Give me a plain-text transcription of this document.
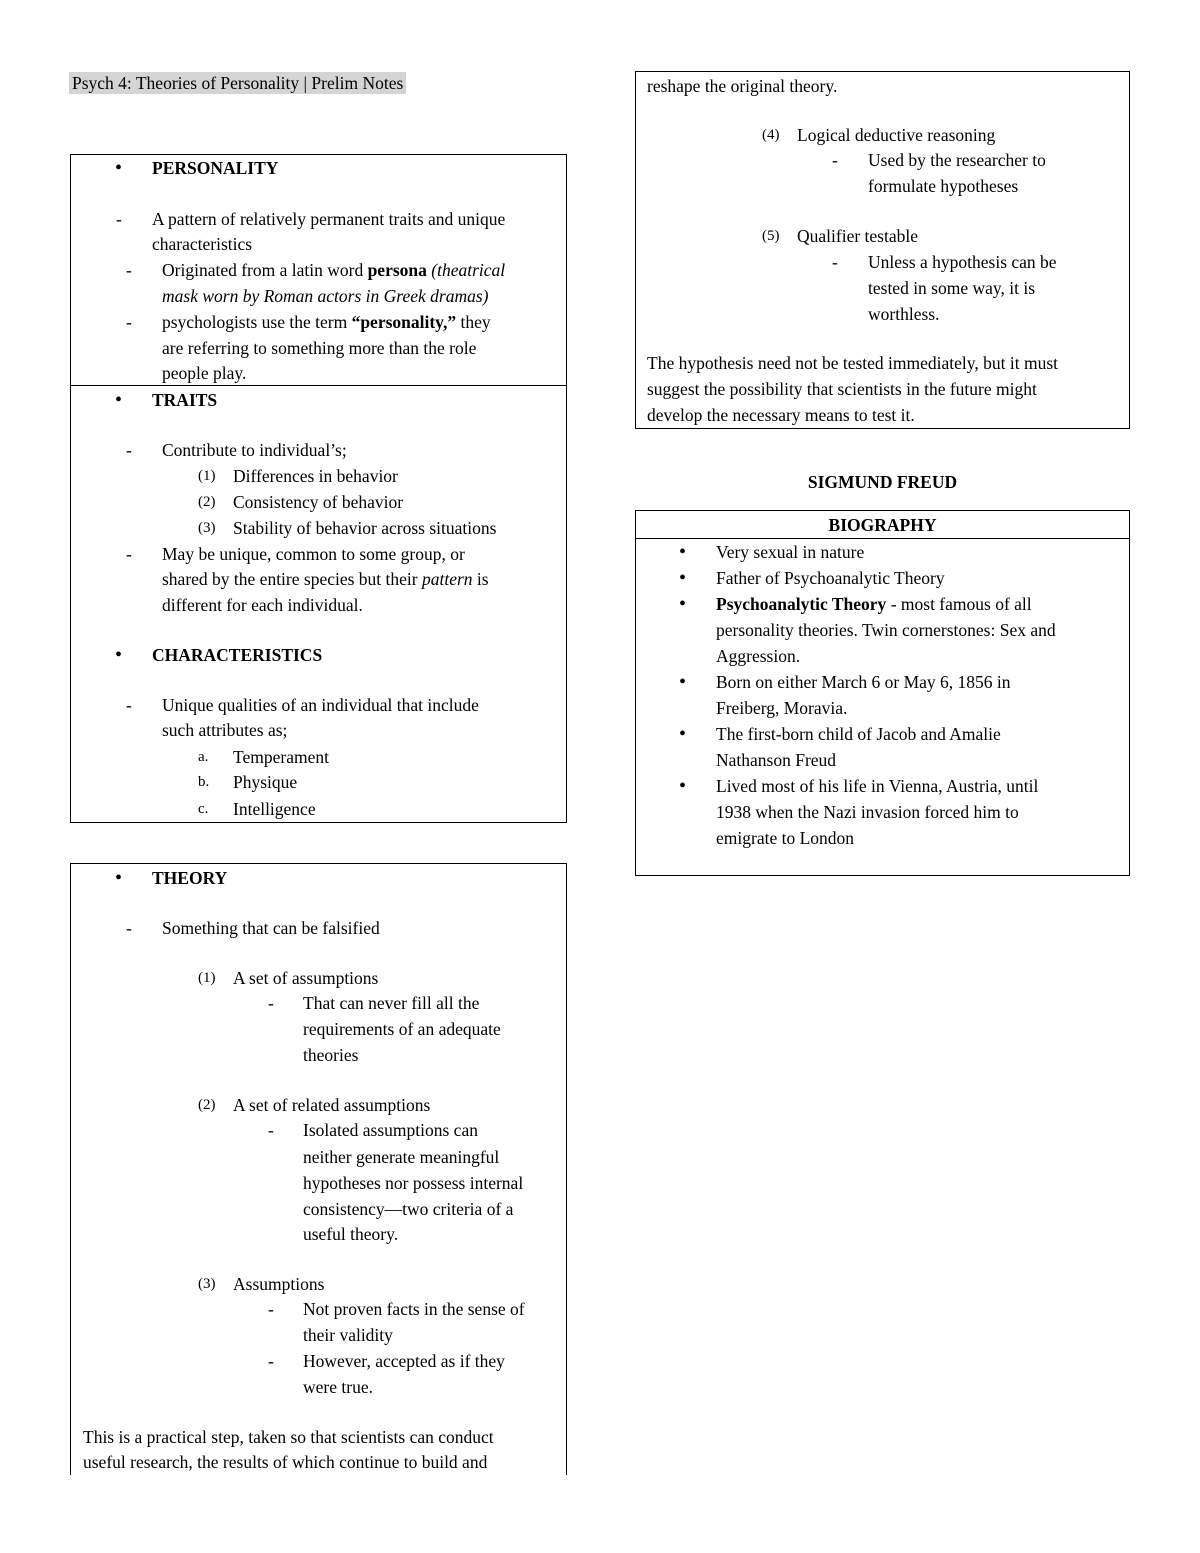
Psych 4: Theories of Personality | Prelim Notes
• PERSONALITY
- A pattern of relatively permanent traits and unique
characteristics
- Originated from a latin word persona (theatrical
mask worn by Roman actors in Greek dramas)
- psychologists use the term “personality,” they
are referring to something more than the role
people play.
• TRAITS
- Contribute to individual’s;
(1) Differences in behavior
(2) Consistency of behavior
(3) Stability of behavior across situations
- May be unique, common to some group, or
shared by the entire species but their pattern is
different for each individual.
• CHARACTERISTICS
- Unique qualities of an individual that include
such attributes as;
a. Temperament
b. Physique
c. Intelligence
• THEORY
- Something that can be falsified
(1) A set of assumptions
- That can never fill all the
requirements of an adequate
theories
(2) A set of related assumptions
- Isolated assumptions can
neither generate meaningful
hypotheses nor possess internal
consistency—two criteria of a
useful theory.
(3) Assumptions
- Not proven facts in the sense of
their validity
- However, accepted as if they
were true.
This is a practical step, taken so that scientists can conduct
useful research, the results of which continue to build and
reshape the original theory.
(4) Logical deductive reasoning
- Used by the researcher to
formulate hypotheses
(5) Qualifier testable
- Unless a hypothesis can be
tested in some way, it is
worthless.
The hypothesis need not be tested immediately, but it must
suggest the possibility that scientists in the future might
develop the necessary means to test it.
SIGMUND FREUD
BIOGRAPHY
• Very sexual in nature
• Father of Psychoanalytic Theory
• Psychoanalytic Theory - most famous of all
personality theories. Twin cornerstones: Sex and
Aggression.
• Born on either March 6 or May 6, 1856 in
Freiberg, Moravia.
• The first-born child of Jacob and Amalie
Nathanson Freud
• Lived most of his life in Vienna, Austria, until
1938 when the Nazi invasion forced him to
emigrate to London
